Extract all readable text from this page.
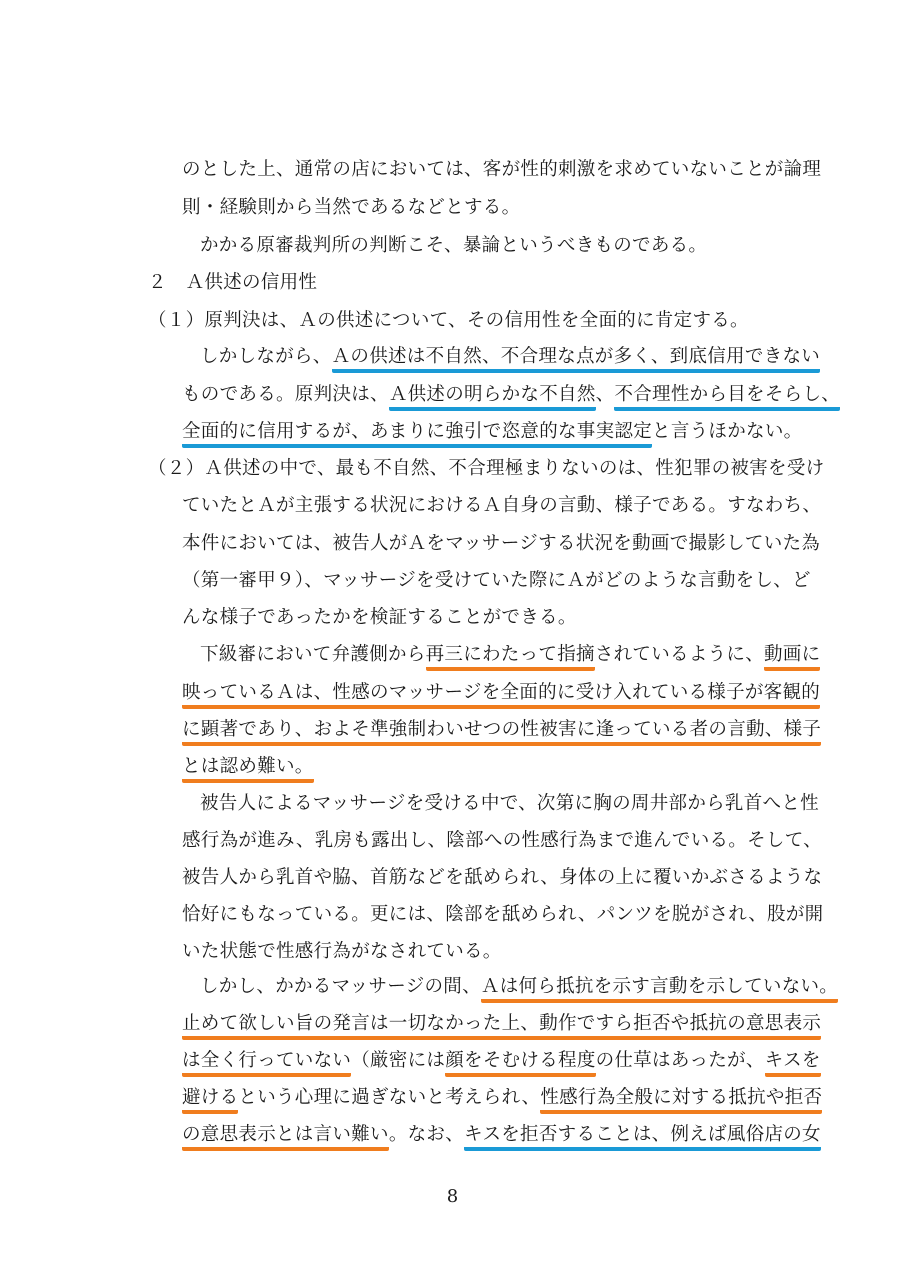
のとした上、通常の店においては、客が性的刺激を求めていないことが論理
則・経験則から当然であるなどとする。
かかる原審裁判所の判断こそ、暴論というべきものである。
２　Ａ供述の信用性
（１）原判決は、Ａの供述について、その信用性を全面的に肯定する。
しかしながら、Ａの供述は不自然、不合理な点が多く、到底信用できない
ものである。原判決は、Ａ供述の明らかな不自然、不合理性から目をそらし、
全面的に信用するが、あまりに強引で恣意的な事実認定と言うほかない。
（２）Ａ供述の中で、最も不自然、不合理極まりないのは、性犯罪の被害を受け
ていたとＡが主張する状況におけるＡ自身の言動、様子である。すなわち、
本件においては、被告人がＡをマッサージする状況を動画で撮影していた為
（第一審甲９）、マッサージを受けていた際にＡがどのような言動をし、ど
んな様子であったかを検証することができる。
下級審において弁護側から再三にわたって指摘されているように、動画に
映っているＡは、性感のマッサージを全面的に受け入れている様子が客観的
に顕著であり、およそ準強制わいせつの性被害に逢っている者の言動、様子
とは認め難い。
被告人によるマッサージを受ける中で、次第に胸の周井部から乳首へと性
感行為が進み、乳房も露出し、陰部への性感行為まで進んでいる。そして、
被告人から乳首や脇、首筋などを舐められ、身体の上に覆いかぶさるような
恰好にもなっている。更には、陰部を舐められ、パンツを脱がされ、股が開
いた状態で性感行為がなされている。
しかし、かかるマッサージの間、Ａは何ら抵抗を示す言動を示していない。
止めて欲しい旨の発言は一切なかった上、動作ですら拒否や抵抗の意思表示
は全く行っていない（厳密には顔をそむける程度の仕草はあったが、キスを
避けるという心理に過ぎないと考えられ、性感行為全般に対する抵抗や拒否
の意思表示とは言い難い。なお、キスを拒否することは、例えば風俗店の女
8
